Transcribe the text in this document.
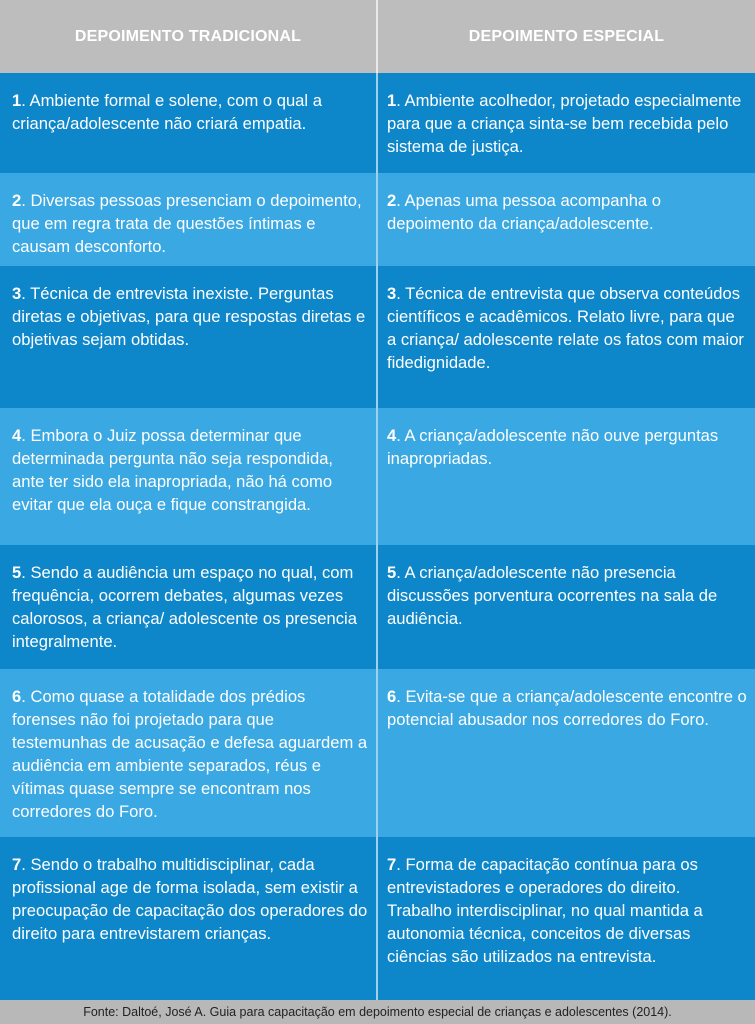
DEPOIMENTO TRADICIONAL	DEPOIMENTO ESPECIAL
1. Ambiente formal e solene, com o qual a criança/adolescente não criará empatia.
1. Ambiente acolhedor, projetado especialmente para que a criança sinta-se bem recebida pelo sistema de justiça.
2. Diversas pessoas presenciam o depoimento, que em regra trata de questões íntimas e causam desconforto.
2. Apenas uma pessoa acompanha o depoimento da criança/adolescente.
3. Técnica de entrevista inexiste. Perguntas diretas e objetivas, para que respostas diretas e objetivas sejam obtidas.
3. Técnica de entrevista que observa conteúdos científicos e acadêmicos. Relato livre, para que a criança/ adolescente relate os fatos com maior fidedignidade.
4. Embora o Juiz possa determinar que determinada pergunta não seja respondida, ante ter sido ela inapropriada, não há como evitar que ela ouça e fique constrangida.
4. A criança/adolescente não ouve perguntas inapropriadas.
5. Sendo a audiência um espaço no qual, com frequência, ocorrem debates, algumas vezes calorosos, a criança/ adolescente os presencia integralmente.
5. A criança/adolescente não presencia discussões porventura ocorrentes na sala de audiência.
6. Como quase a totalidade dos prédios forenses não foi projetado para que testemunhas de acusação e defesa aguardem a audiência em ambiente separados, réus e vítimas quase sempre se encontram nos corredores do Foro.
6. Evita-se que a criança/adolescente encontre o potencial abusador nos corredores do Foro.
7. Sendo o trabalho multidisciplinar, cada profissional age de forma isolada, sem existir a preocupação de capacitação dos operadores do direito para entrevistarem crianças.
7. Forma de capacitação contínua para os entrevistadores e operadores do direito. Trabalho interdisciplinar, no qual mantida a autonomia técnica, conceitos de diversas ciências são utilizados na entrevista.
Fonte: Daltoé, José A. Guia para capacitação em depoimento especial de crianças e adolescentes (2014).
